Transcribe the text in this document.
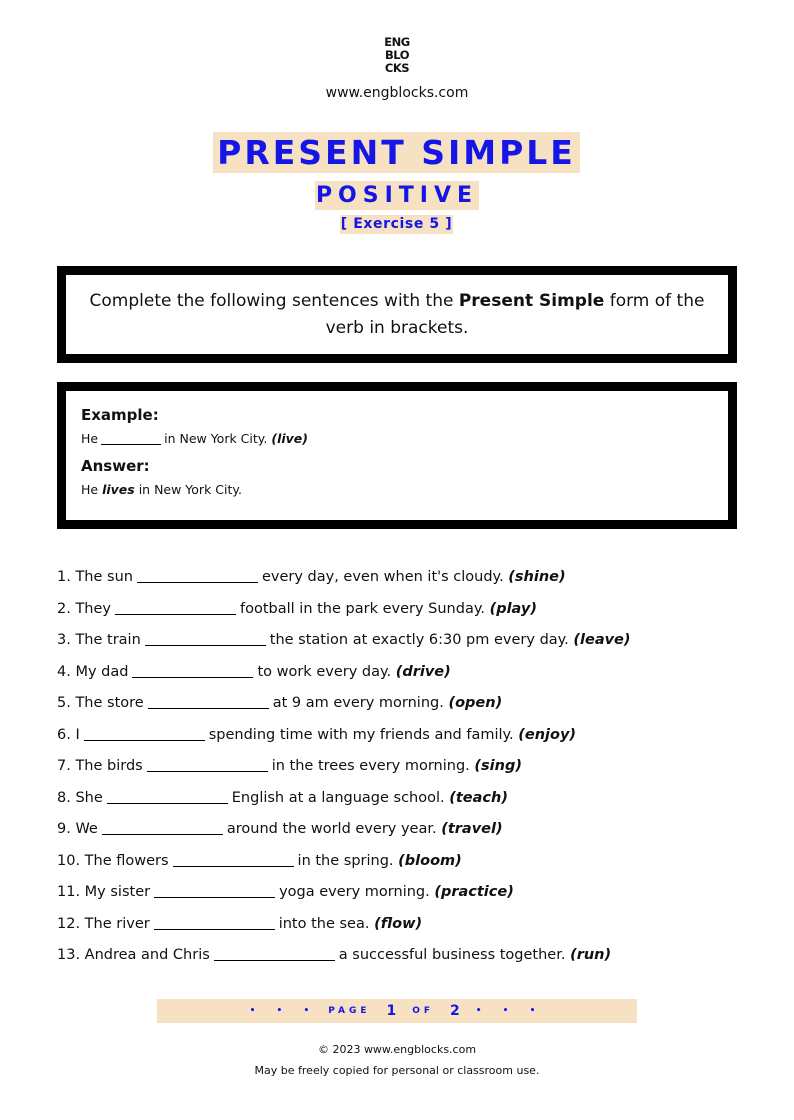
ENG
BLO
CKS
www.engblocks.com
PRESENT SIMPLE
POSITIVE
[ Exercise 5 ]

Complete the following sentences with the Present Simple form of the verb in brackets.

Example:
He	in New York City. (live)
Answer:
He lives in New York City.
1. The sun	every day, even when it's cloudy. (shine)
2. They	football in the park every Sunday. (play)
3. The train	the station at exactly 6:30 pm every day. (leave)
4. My dad	to work every day. (drive)
5. The store	at 9 am every morning. (open)
6. I	spending time with my friends and family. (enjoy)
7. The birds	in the trees every morning. (sing)
8. She	English at a language school. (teach)
9. We	around the world every year. (travel)
10. The flowers	in the spring. (bloom)
11. My sister	yoga every morning. (practice)
12. The river	into the sea. (flow)
13. Andrea and Chris	a successful business together. (run)
• • • PAGE 1 OF 2 • • •
© 2023 www.engblocks.com
May be freely copied for personal or classroom use.
